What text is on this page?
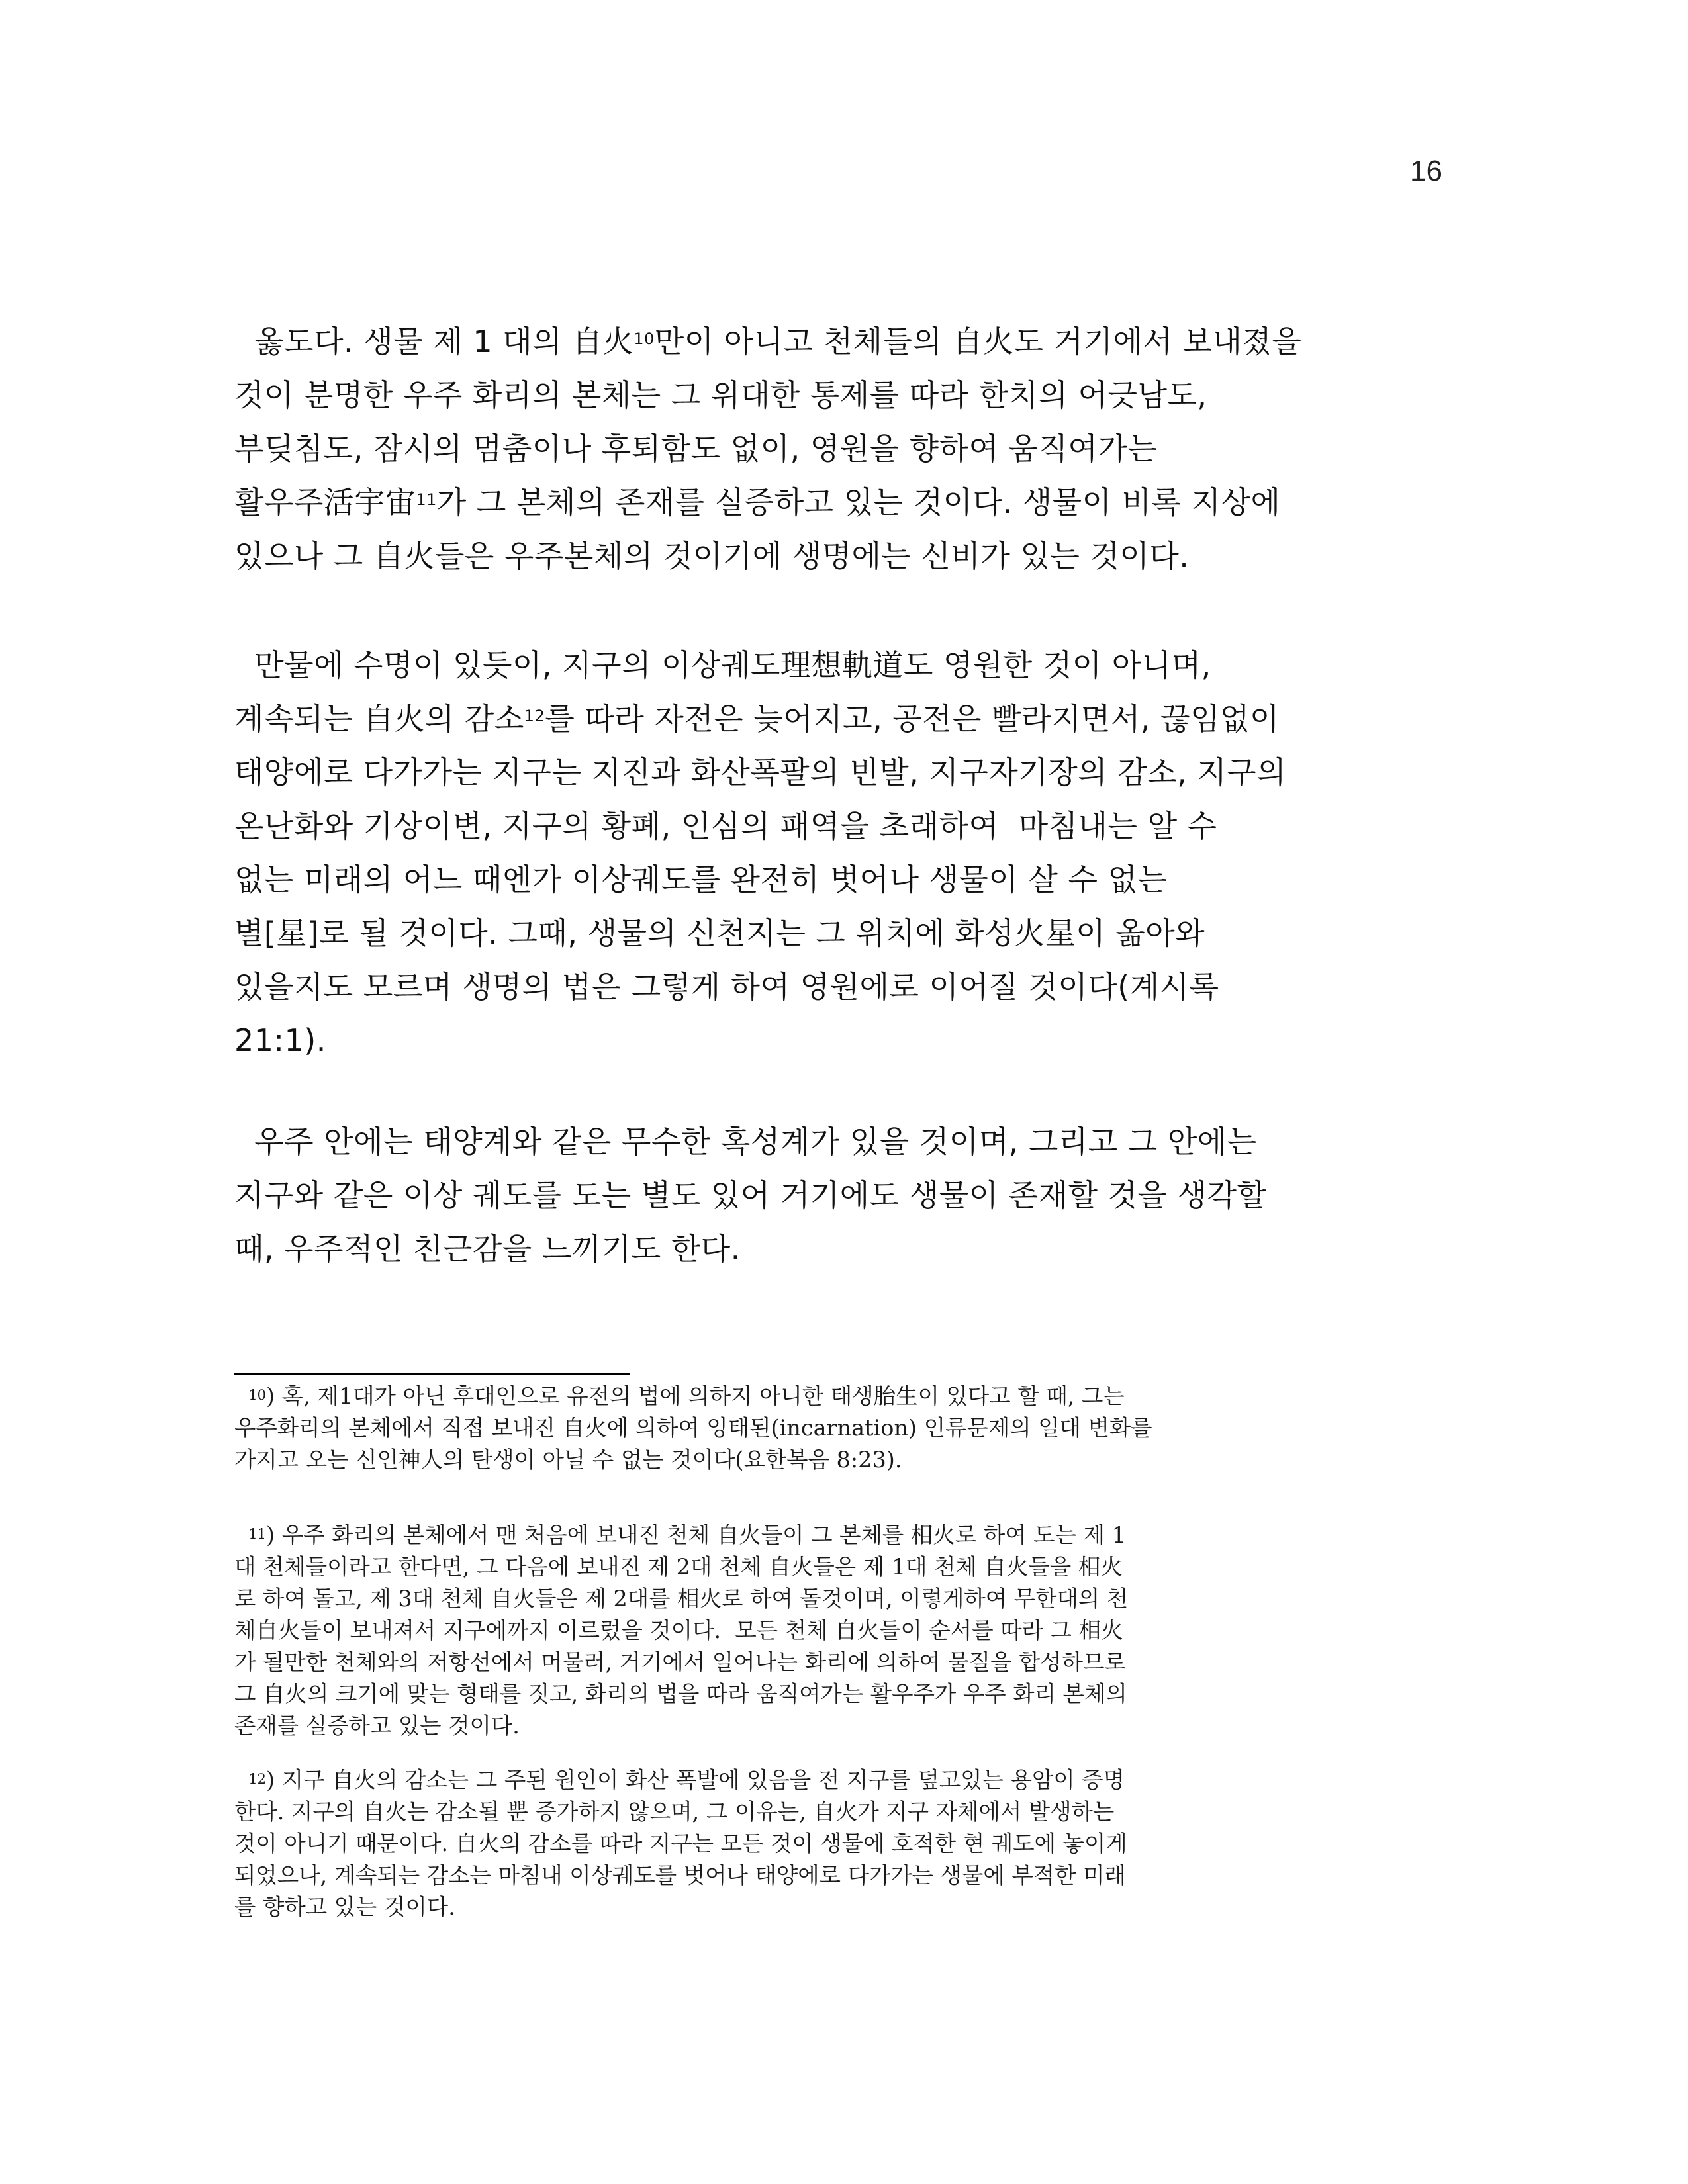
16

옳도다. 생물 제 1 대의 自火$^{10}$만이 아니고 천체들의 自火도 거기에서 보내졌을
것이 분명한 우주 화리의 본체는 그 위대한 통제를 따라 한치의 어긋남도,
부딪침도, 잠시의 멈춤이나 후퇴함도 없이, 영원을 향하여 움직여가는
활우주活宇宙$^{11}$가 그 본체의 존재를 실증하고 있는 것이다. 생물이 비록 지상에
있으나 그 自火들은 우주본체의 것이기에 생명에는 신비가 있는 것이다.

만물에 수명이 있듯이, 지구의 이상궤도理想軌道도 영원한 것이 아니며,
계속되는 自火의 감소$^{12}$를 따라 자전은 늦어지고, 공전은 빨라지면서, 끊임없이
태양에로 다가가는 지구는 지진과 화산폭팔의 빈발, 지구자기장의 감소, 지구의
온난화와 기상이변, 지구의 황폐, 인심의 패역을 초래하여  마침내는 알 수
없는 미래의 어느 때엔가 이상궤도를 완전히 벗어나 생물이 살 수 없는
별[星]로 될 것이다. 그때, 생물의 신천지는 그 위치에 화성火星이 옮아와
있을지도 모르며 생명의 법은 그렇게 하여 영원에로 이어질 것이다(계시록
21:1).

우주 안에는 태양계와 같은 무수한 혹성계가 있을 것이며, 그리고 그 안에는
지구와 같은 이상 궤도를 도는 별도 있어 거기에도 생물이 존재할 것을 생각할
때, 우주적인 친근감을 느끼기도 한다.

$^{10}$) 혹, 제1대가 아닌 후대인으로 유전의 법에 의하지 아니한 태생胎生이 있다고 할 때, 그는
우주화리의 본체에서 직접 보내진 自火에 의하여 잉태된(incarnation) 인류문제의 일대 변화를
가지고 오는 신인神人의 탄생이 아닐 수 없는 것이다(요한복음 8:23).

$^{11}$) 우주 화리의 본체에서 맨 처음에 보내진 천체 自火들이 그 본체를 相火로 하여 도는 제 1
대 천체들이라고 한다면, 그 다음에 보내진 제 2대 천체 自火들은 제 1대 천체 自火들을 相火
로 하여 돌고, 제 3대 천체 自火들은 제 2대를 相火로 하여 돌것이며, 이렇게하여 무한대의 천
체自火들이 보내져서 지구에까지 이르렀을 것이다.  모든 천체 自火들이 순서를 따라 그 相火
가 될만한 천체와의 저항선에서 머물러, 거기에서 일어나는 화리에 의하여 물질을 합성하므로
그 自火의 크기에 맞는 형태를 짓고, 화리의 법을 따라 움직여가는 활우주가 우주 화리 본체의
존재를 실증하고 있는 것이다.

$^{12}$) 지구 自火의 감소는 그 주된 원인이 화산 폭발에 있음을 전 지구를 덮고있는 용암이 증명
한다. 지구의 自火는 감소될 뿐 증가하지 않으며, 그 이유는, 自火가 지구 자체에서 발생하는
것이 아니기 때문이다. 自火의 감소를 따라 지구는 모든 것이 생물에 호적한 현 궤도에 놓이게
되었으나, 계속되는 감소는 마침내 이상궤도를 벗어나 태양에로 다가가는 생물에 부적한 미래
를 향하고 있는 것이다.
